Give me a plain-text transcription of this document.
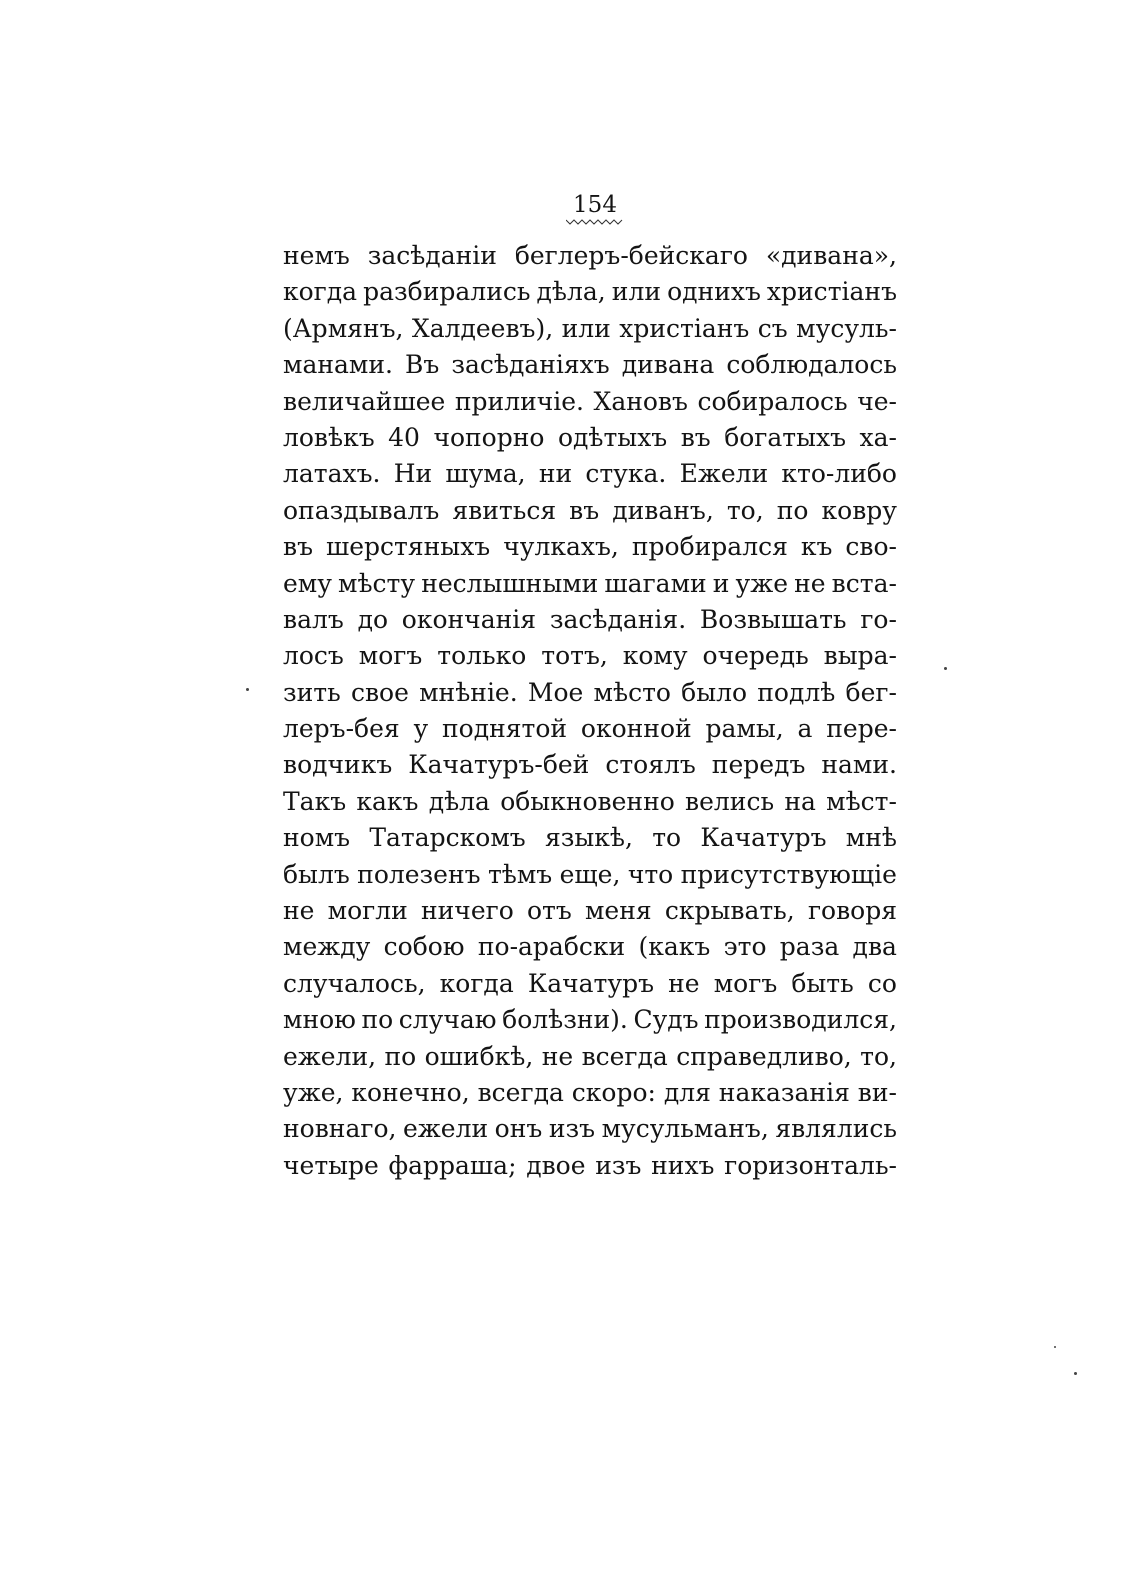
154
немъ засѣданіи беглеръ-бейскаго «дивана»,
когда разбирались дѣла, или однихъ христіанъ
(Армянъ, Халдеевъ), или христіанъ съ мусуль-
манами. Въ засѣданіяхъ дивана соблюдалось
величайшее приличіе. Хановъ собиралось че-
ловѣкъ 40 чопорно одѣтыхъ въ богатыхъ ха-
латахъ. Ни шума, ни стука. Ежели кто-либо
опаздывалъ явиться въ диванъ, то, по ковру
въ шерстяныхъ чулкахъ, пробирался къ сво-
ему мѣсту неслышными шагами и уже не вста-
валъ до окончанія засѣданія. Возвышать го-
лосъ могъ только тотъ, кому очередь выра-
зить свое мнѣніе. Мое мѣсто было подлѣ бег-
леръ-бея у поднятой оконной рамы, а пере-
водчикъ Качатуръ-бей стоялъ передъ нами.
Такъ какъ дѣла обыкновенно велись на мѣст-
номъ Татарскомъ языкѣ, то Качатуръ мнѣ
былъ полезенъ тѣмъ еще, что присутствующіе
не могли ничего отъ меня скрывать, говоря
между собою по-арабски (какъ это раза два
случалось, когда Качатуръ не могъ быть со
мною по случаю болѣзни). Судъ производился,
ежели, по ошибкѣ, не всегда справедливо, то,
уже, конечно, всегда скоро: для наказанія ви-
новнаго, ежели онъ изъ мусульманъ, являлись
четыре фарраша; двое изъ нихъ горизонталь-
